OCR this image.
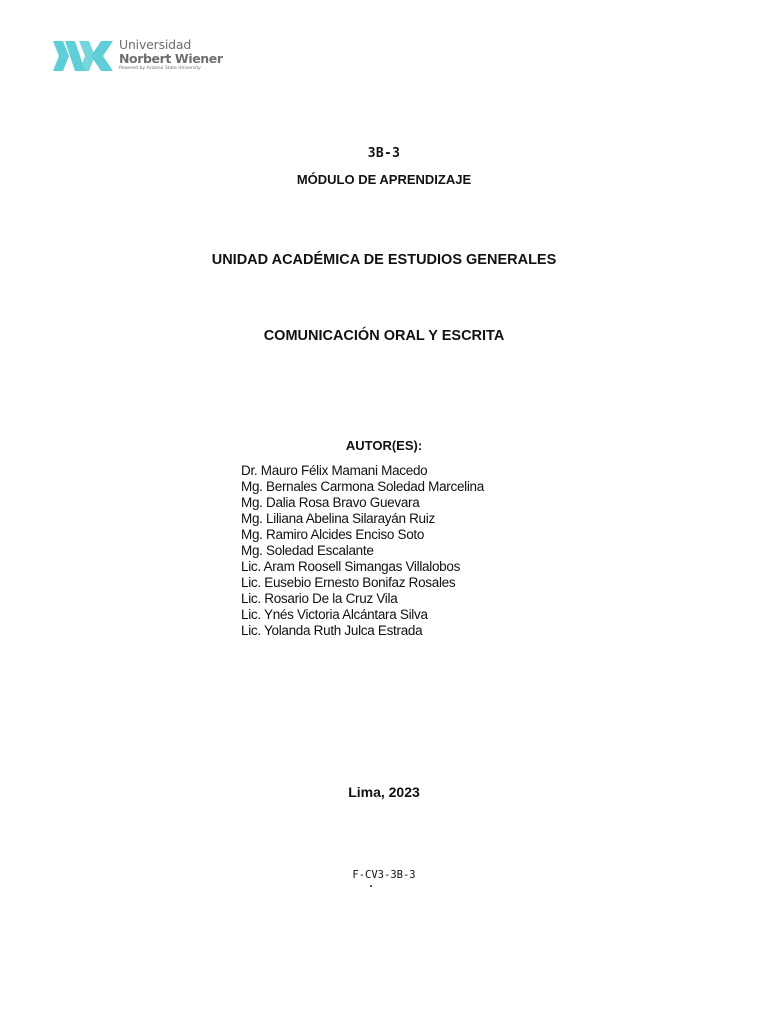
Universidad
Norbert Wiener
Powered by Arizona State University
3B-3
MÓDULO DE APRENDIZAJE
UNIDAD ACADÉMICA DE ESTUDIOS GENERALES
COMUNICACIÓN ORAL Y ESCRITA
AUTOR(ES):
Dr. Mauro Félix Mamani Macedo
Mg. Bernales Carmona Soledad Marcelina
Mg. Dalia Rosa Bravo Guevara
Mg. Liliana Abelina Silarayán Ruiz
Mg. Ramiro Alcides Enciso Soto
Mg. Soledad Escalante
Lic. Aram Roosell Simangas Villalobos
Lic. Eusebio Ernesto Bonifaz Rosales
Lic. Rosario De la Cruz Vila
Lic. Ynés Victoria Alcántara Silva
Lic. Yolanda Ruth Julca Estrada
Lima, 2023
F-CV3-3B-3
